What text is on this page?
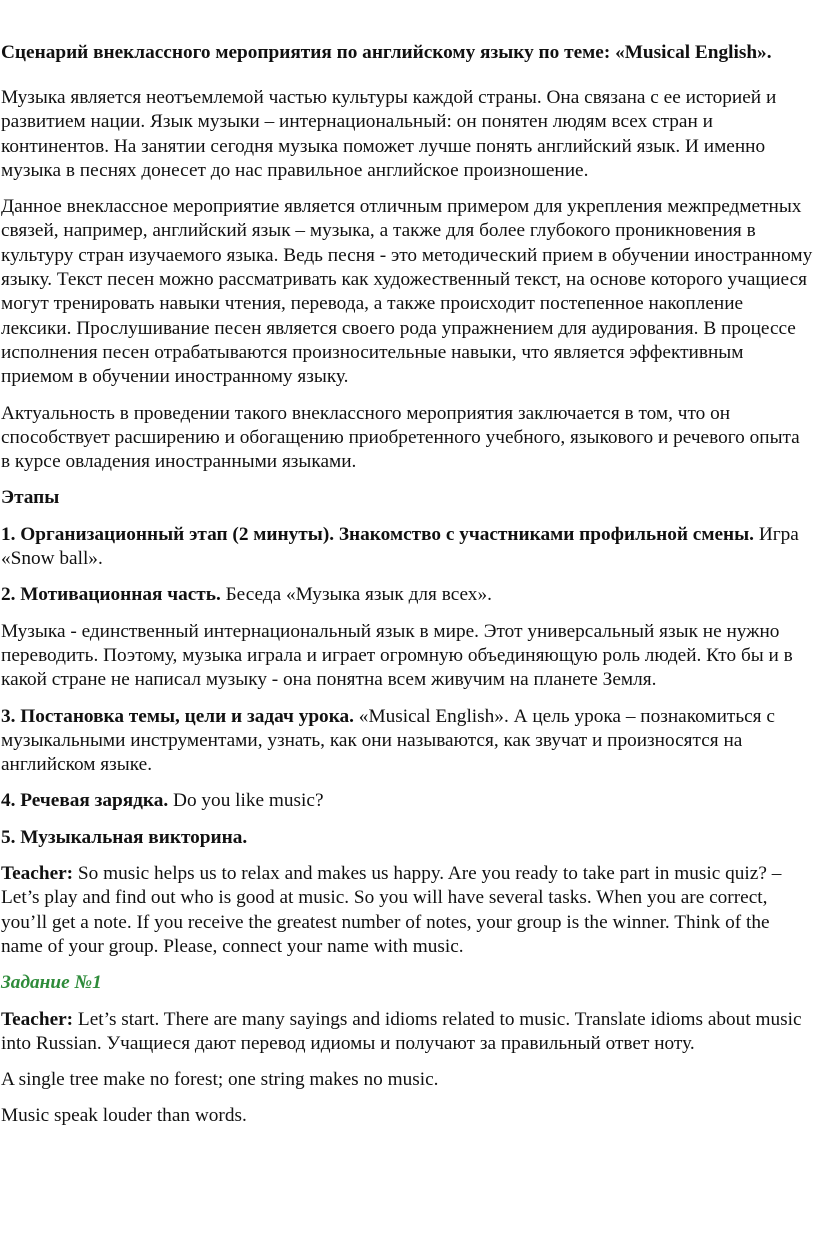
Сценарий внеклассного мероприятия по английскому языку по теме: «Musical English».

Музыка является неотъемлемой частью культуры каждой страны. Она связана с ее историей и развитием нации. Язык музыки – интернациональный: он понятен людям всех стран и континентов. На занятии сегодня музыка поможет лучше понять английский язык. И именно музыка в песнях донесет до нас правильное английское произношение.

Данное внеклассное мероприятие является отличным примером для укрепления межпредметных связей, например, английский язык – музыка, а также для более глубокого проникновения в культуру стран изучаемого языка. Ведь песня - это методический прием в обучении иностранному языку. Текст песен можно рассматривать как художественный текст, на основе которого учащиеся могут тренировать навыки чтения, перевода, а также происходит постепенное накопление лексики. Прослушивание песен является своего рода упражнением для аудирования. В процессе исполнения песен отрабатываются произносительные навыки, что является эффективным приемом в обучении иностранному языку.

Актуальность в проведении такого внеклассного мероприятия заключается в том, что он способствует расширению и обогащению приобретенного учебного, языкового и речевого опыта в курсе овладения иностранными языками.

Этапы

1. Организационный этап (2 минуты). Знакомство с участниками профильной смены. Игра «Snow ball».

2. Мотивационная часть. Беседа «Музыка язык для всех».

Музыка - единственный интернациональный язык в мире. Этот универсальный язык не нужно переводить. Поэтому, музыка играла и играет огромную объединяющую роль людей. Кто бы и в какой стране не написал музыку - она понятна всем живучим на планете Земля.

3. Постановка темы, цели и задач урока. «Musical English». А цель урока – познакомиться с музыкальными инструментами, узнать, как они называются, как звучат и произносятся на английском языке.

4. Речевая зарядка. Do you like music?

5. Музыкальная викторина.

Teacher: So music helps us to relax and makes us happy. Are you ready to take part in music quiz? – Let’s play and find out who is good at music. So you will have several tasks. When you are correct, you’ll get a note. If you receive the greatest number of notes, your group is the winner. Think of the name of your group. Please, connect your name with music.

Задание №1

Teacher: Let’s start. There are many sayings and idioms related to music. Translate idioms about music into Russian. Учащиеся дают перевод идиомы и получают за правильный ответ ноту.

A single tree make no forest; one string makes no music.

Music speak louder than words.
